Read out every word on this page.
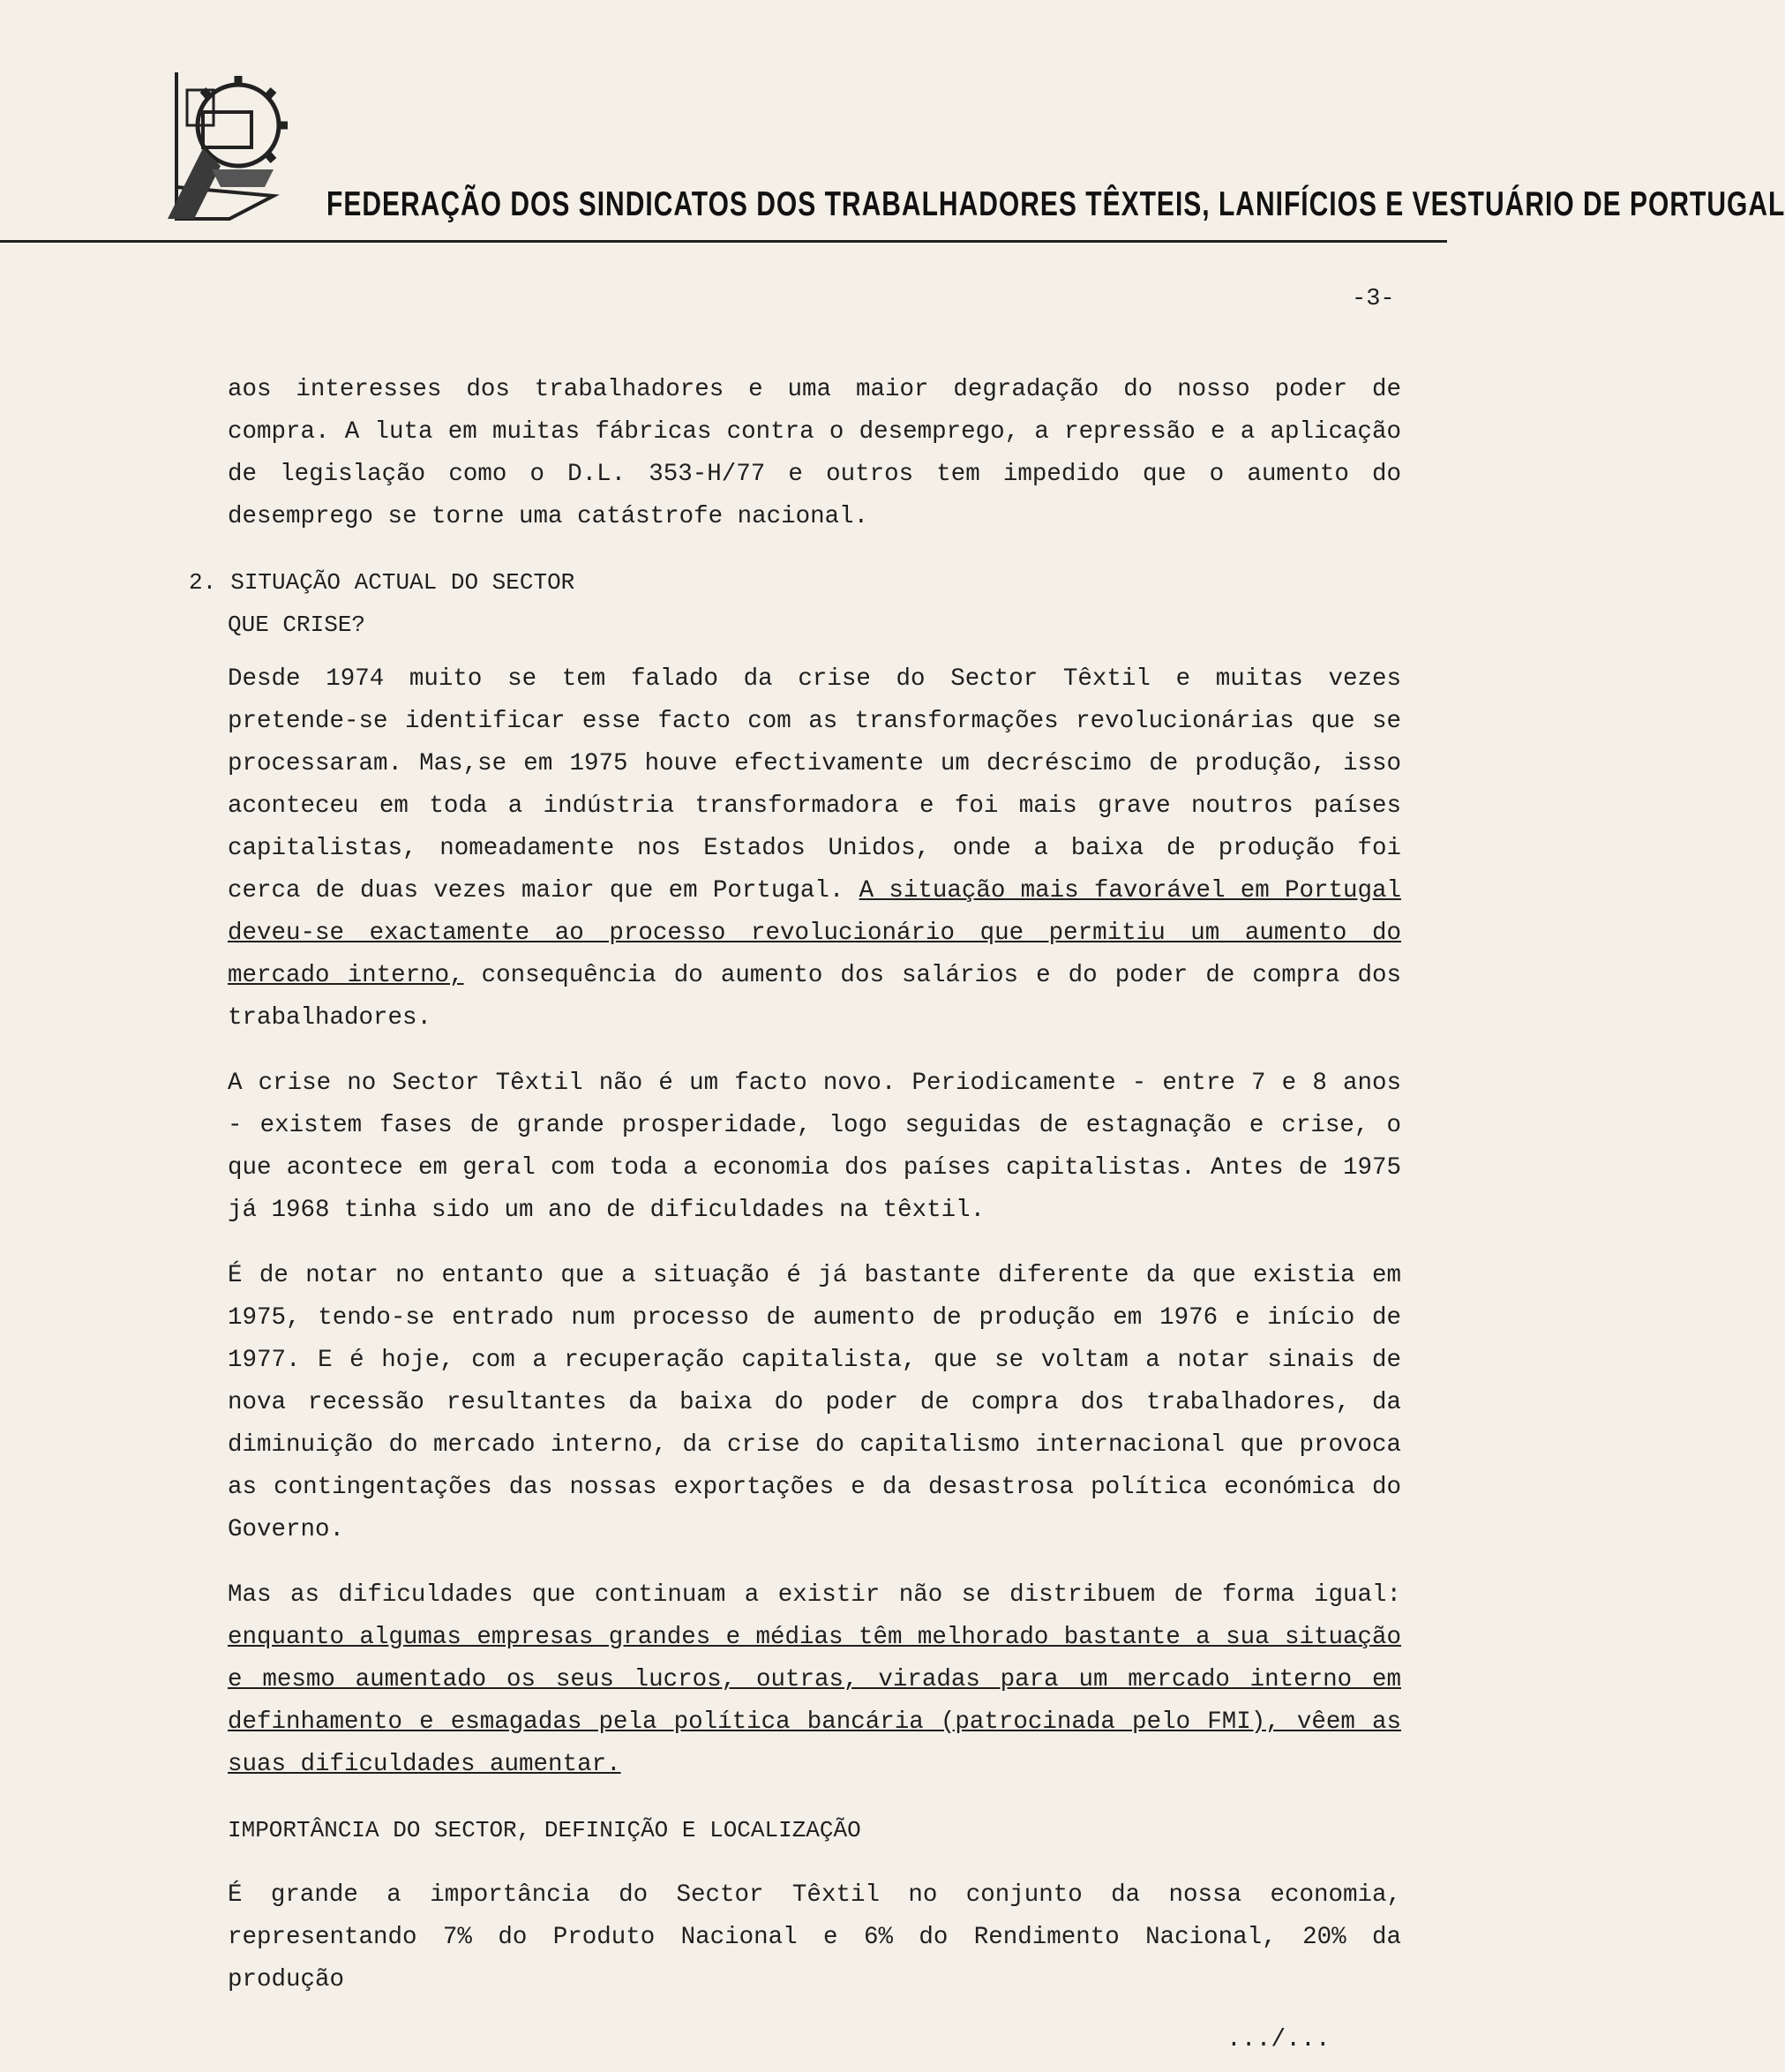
FEDERAÇÃO DOS SINDICATOS DOS TRABALHADORES TÊXTEIS, LANIFÍCIOS E VESTUÁRIO DE PORTUGAL
-3-

aos interesses dos trabalhadores e uma maior degradação do nosso poder de compra. A luta em muitas fábricas contra o desemprego, a repressão e a aplicação de legislação como o D.L. 353-H/77 e outros tem impedido que o aumento do desemprego se torne uma catástrofe nacional.

2. SITUAÇÃO ACTUAL DO SECTOR

QUE CRISE?

Desde 1974 muito se tem falado da crise do Sector Têxtil e muitas vezes pretende-se identificar esse facto com as transformações revolucionárias que se processaram. Mas,se em 1975 houve efectivamente um decréscimo de produção, isso aconteceu em toda a indústria transformadora e foi mais grave noutros países capitalistas, nomeadamente nos Estados Unidos, onde a baixa de produção foi cerca de duas vezes maior que em Portugal. A situação mais favorável em Portugal deveu-se exactamente ao processo revolucionário que permitiu um aumento do mercado interno, consequência do aumento dos salários e do poder de compra dos trabalhadores.

A crise no Sector Têxtil não é um facto novo. Periodicamente - entre 7 e 8 anos - existem fases de grande prosperidade, logo seguidas de estagnação e crise, o que acontece em geral com toda a economia dos países capitalistas. Antes de 1975 já 1968 tinha sido um ano de dificuldades na têxtil.

É de notar no entanto que a situação é já bastante diferente da que existia em 1975, tendo-se entrado num processo de aumento de produção em 1976 e início de 1977. E é hoje, com a recuperação capitalista, que se voltam a notar sinais de nova recessão resultantes da baixa do poder de compra dos trabalhadores, da diminuição do mercado interno, da crise do capitalismo internacional que provoca as contingentações das nossas exportações e da desastrosa política económica do Governo.

Mas as dificuldades que continuam a existir não se distribuem de forma igual: enquanto algumas empresas grandes e médias têm melhorado bastante a sua situação e mesmo aumentado os seus lucros, outras, viradas para um mercado interno em definhamento e esmagadas pela política bancária (patrocinada pelo FMI), vêem as suas dificuldades aumentar.

IMPORTÂNCIA DO SECTOR, DEFINIÇÃO E LOCALIZAÇÃO

É grande a importância do Sector Têxtil no conjunto da nossa economia, representando 7% do Produto Nacional e 6% do Rendimento Nacional, 20% da produção

.../...
